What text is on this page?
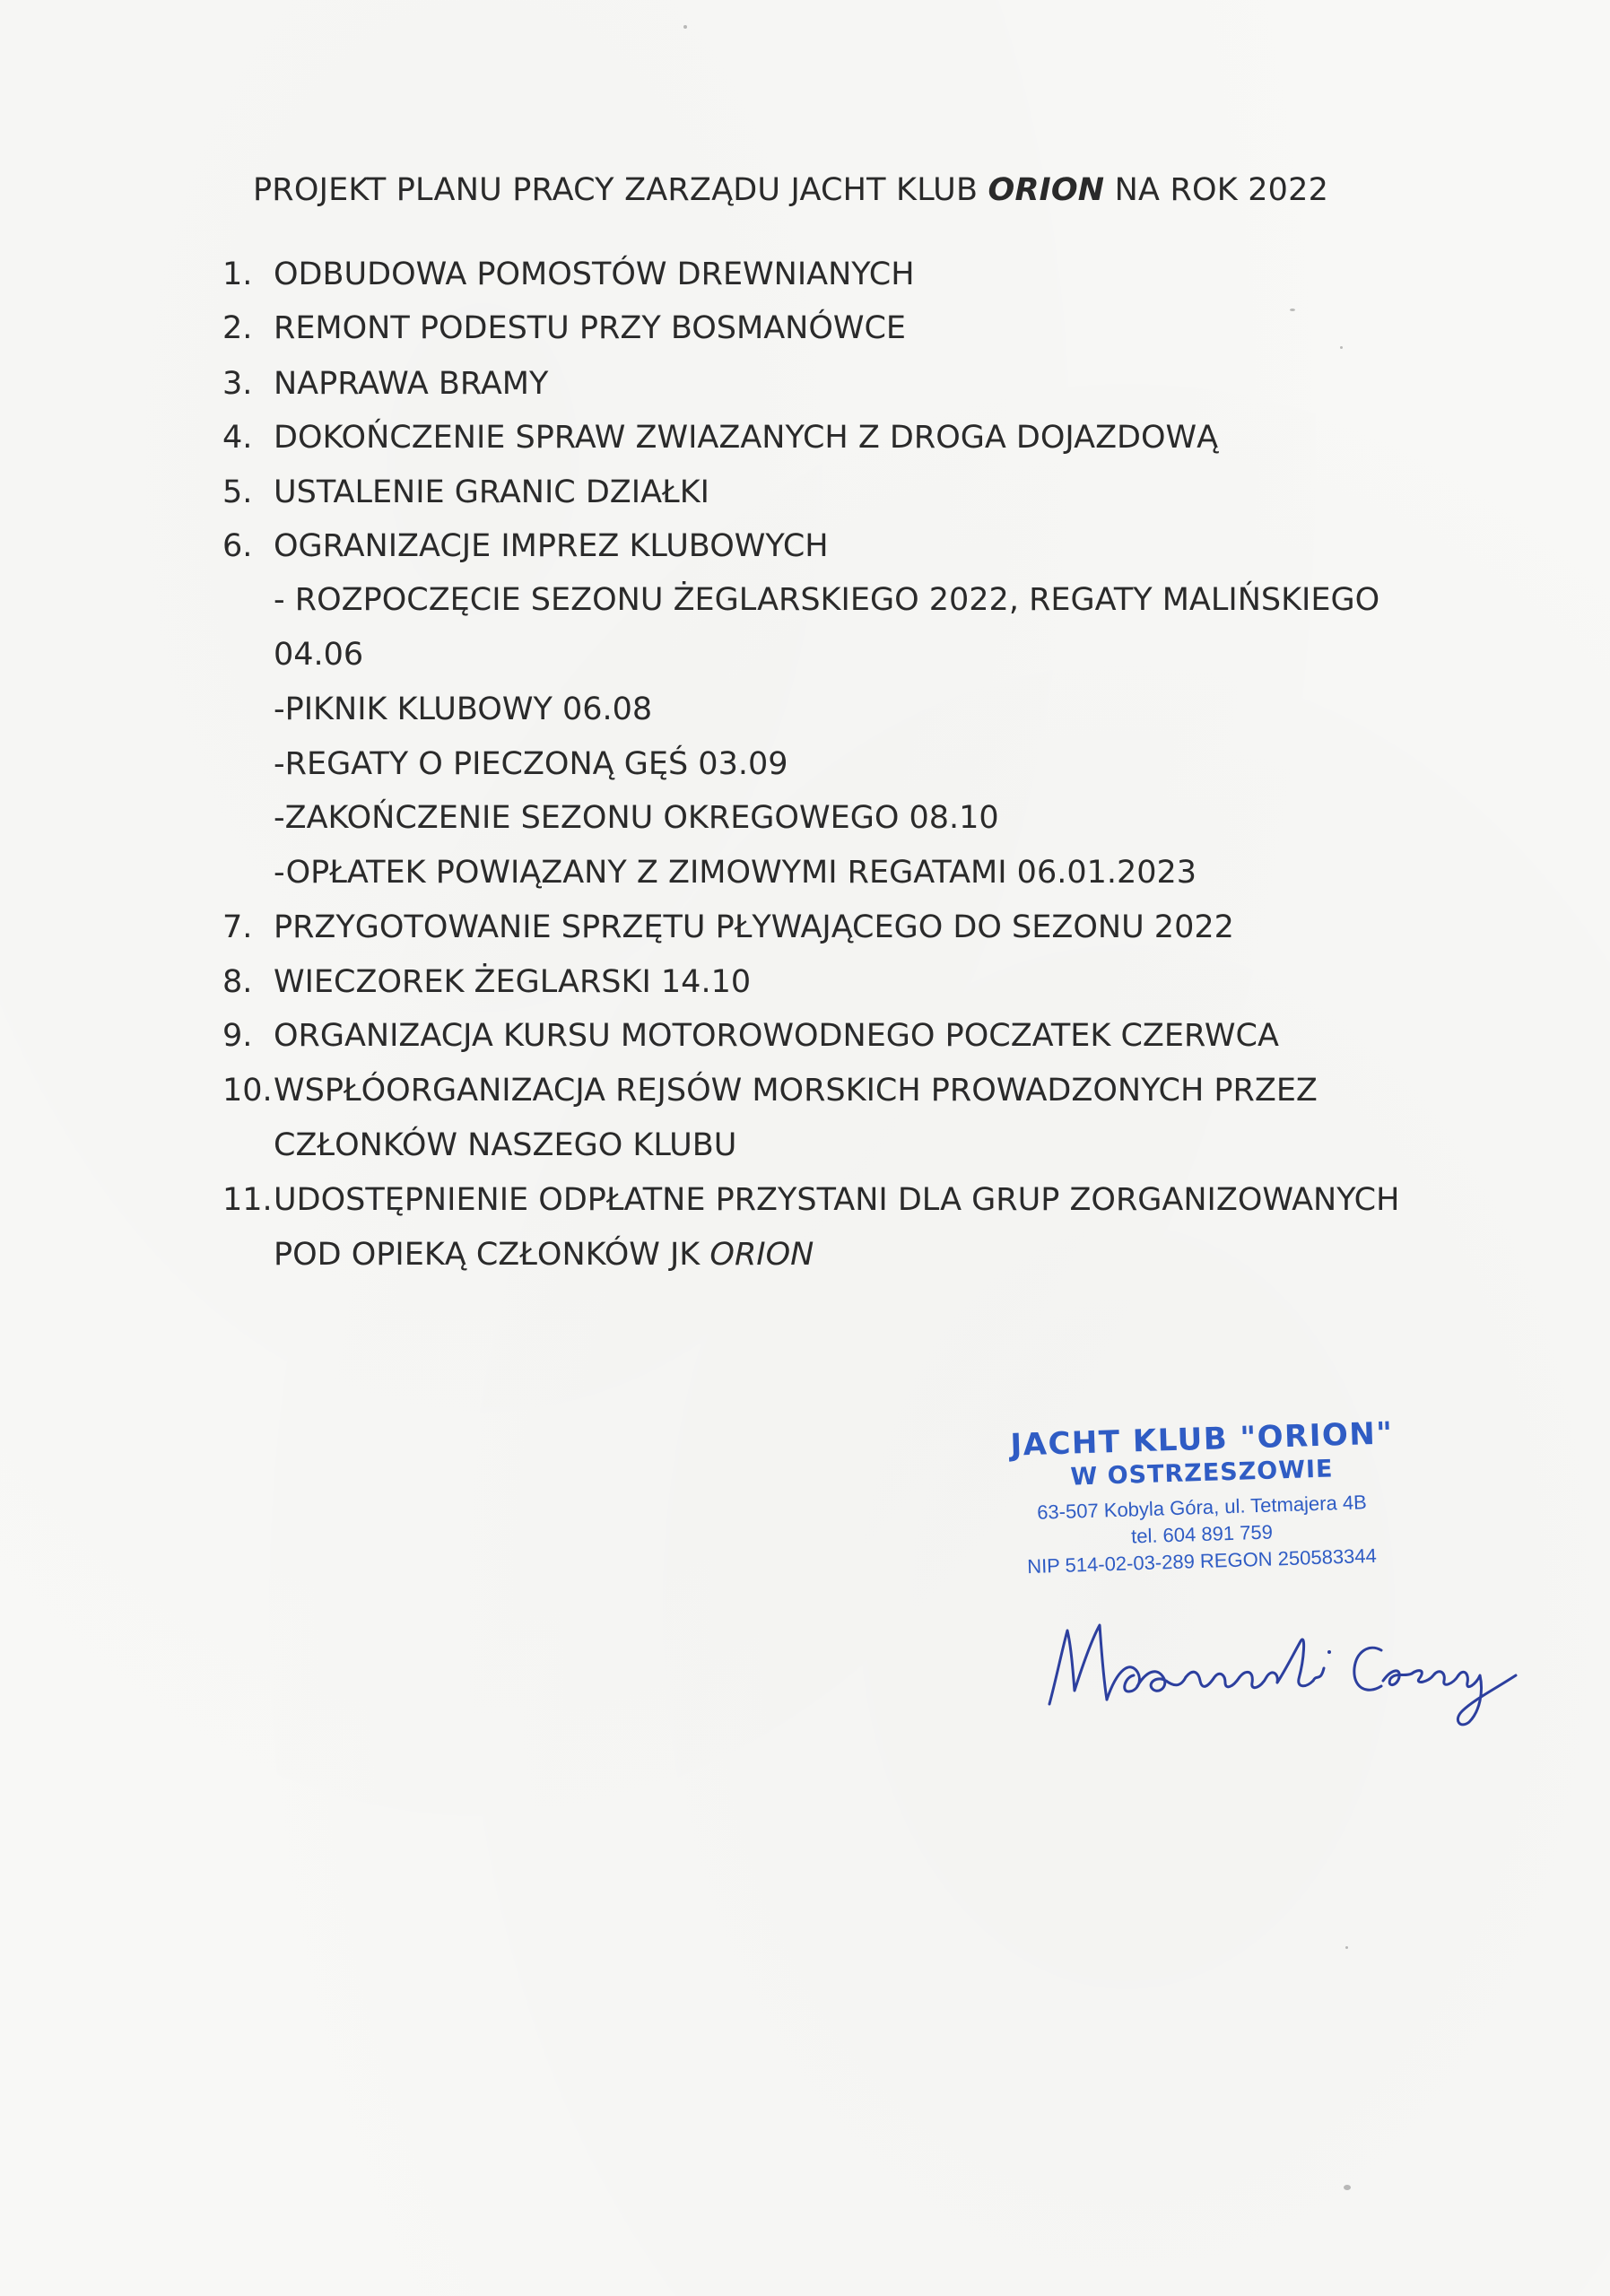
PROJEKT PLANU PRACY ZARZĄDU JACHT KLUB ORION NA ROK 2022
1. ODBUDOWA POMOSTÓW DREWNIANYCH
2. REMONT PODESTU PRZY BOSMANÓWCE
3. NAPRAWA BRAMY
4. DOKOŃCZENIE SPRAW ZWIAZANYCH Z DROGA DOJAZDOWĄ
5. USTALENIE GRANIC DZIAŁKI
6. OGRANIZACJE IMPREZ KLUBOWYCH
- ROZPOCZĘCIE SEZONU ŻEGLARSKIEGO 2022, REGATY MALIŃSKIEGO
04.06
-PIKNIK KLUBOWY 06.08
-REGATY O PIECZONĄ GĘŚ 03.09
-ZAKOŃCZENIE SEZONU OKREGOWEGO 08.10
-OPŁATEK POWIĄZANY Z ZIMOWYMI REGATAMI 06.01.2023
7. PRZYGOTOWANIE SPRZĘTU PŁYWAJĄCEGO DO SEZONU 2022
8. WIECZOREK ŻEGLARSKI 14.10
9. ORGANIZACJA KURSU MOTOROWODNEGO POCZATEK CZERWCA
10. WSPŁÓORGANIZACJA REJSÓW MORSKICH PROWADZONYCH PRZEZ
CZŁONKÓW NASZEGO KLUBU
11. UDOSTĘPNIENIE ODPŁATNE PRZYSTANI DLA GRUP ZORGANIZOWANYCH
POD OPIEKĄ CZŁONKÓW JK ORION
JACHT KLUB "ORION"
W OSTRZESZOWIE
63-507 Kobyla Góra, ul. Tetmajera 4B
tel. 604 891 759
NIP 514-02-03-289 REGON 250583344
